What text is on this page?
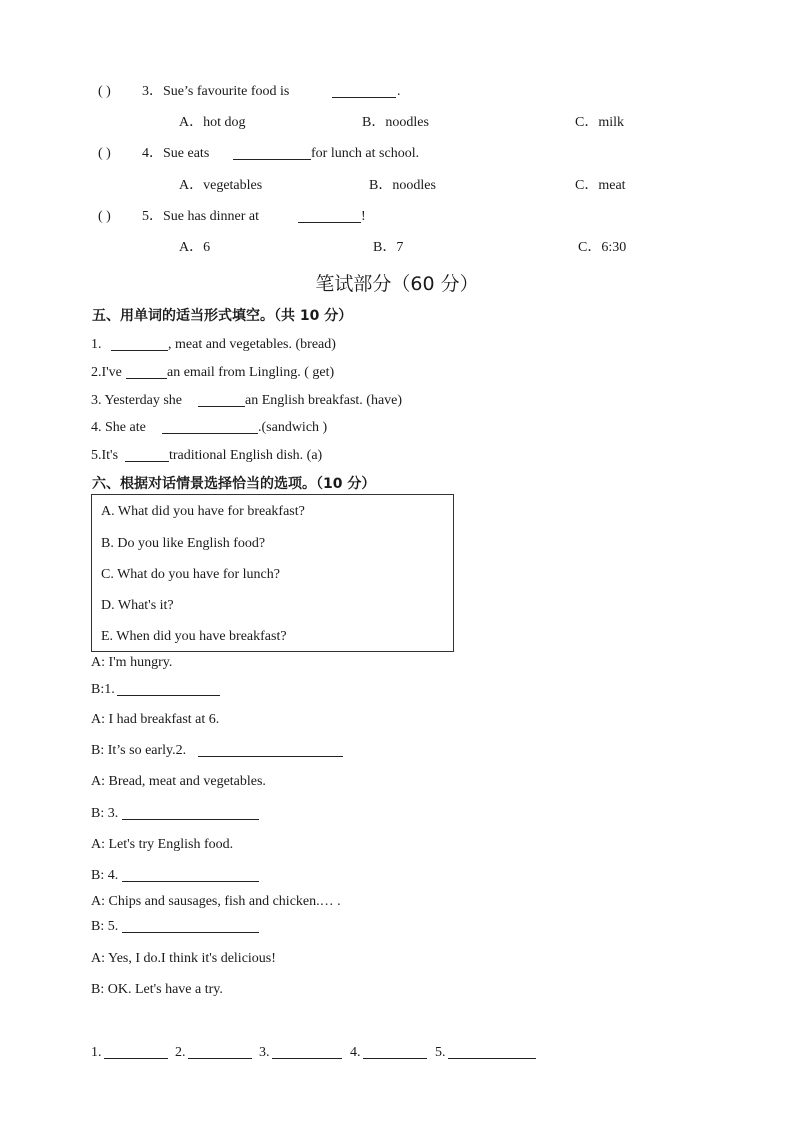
( ) 3．Sue’s favourite food is	.
A．hot dog	B．noodles	C．milk
( ) 4．Sue eats	for lunch at school.
A．vegetables	B．noodles	C．meat
( ) 5．Sue has dinner at	!
A．6	B．7	C．6:30
笔试部分（60 分）
五、用单词的适当形式填空。（共 10 分）
1.	, meat and vegetables. (bread)
2.I've	an email from Lingling. ( get)
3. Yesterday she	an English breakfast. (have)
4. She ate	.(sandwich )
5.It's	traditional English dish. (a)
六、根据对话情景选择恰当的选项。（10 分）
A. What did you have for breakfast?
B. Do you like English food?
C. What do you have for lunch?
D. What's it?
E. When did you have breakfast?
A: I'm hungry.
B:1.
A: I had breakfast at 6.
B: It’s so early.2.
A: Bread, meat and vegetables.
B: 3.
A: Let's try English food.
B: 4.
A: Chips and sausages, fish and chicken.… .
B: 5.
A: Yes, I do.I think it's delicious!
B: OK. Let's have a try.
1.	2.	3.	4.	5.
